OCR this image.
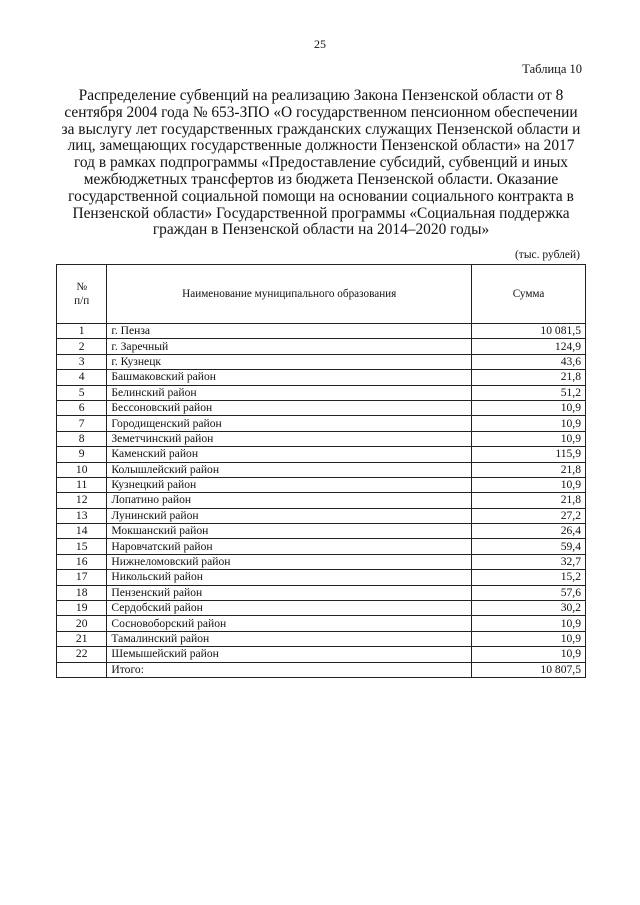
25
Таблица 10
Распределение субвенций на реализацию Закона Пензенской области от 8 сентября 2004 года № 653-ЗПО «О государственном пенсионном обеспечении за выслугу лет государственных гражданских служащих Пензенской области и лиц, замещающих государственные должности Пензенской области» на 2017 год в рамках подпрограммы «Предоставление субсидий, субвенций и иных межбюджетных трансфертов из бюджета Пензенской области. Оказание государственной социальной помощи на основании социального контракта в Пензенской области» Государственной программы «Социальная поддержка граждан в Пензенской области на 2014–2020 годы»
(тыс. рублей)
№
п/п	Наименование муниципального образования	Сумма
1	г. Пенза	10 081,5
2	г. Заречный	124,9
3	г. Кузнецк	43,6
4	Башмаковский район	21,8
5	Белинский район	51,2
6	Бессоновский район	10,9
7	Городищенский район	10,9
8	Земетчинский район	10,9
9	Каменский район	115,9
10	Колышлейский район	21,8
11	Кузнецкий район	10,9
12	Лопатино район	21,8
13	Лунинский район	27,2
14	Мокшанский район	26,4
15	Наровчатский район	59,4
16	Нижнеломовский район	32,7
17	Никольский район	15,2
18	Пензенский район	57,6
19	Сердобский район	30,2
20	Сосновоборский район	10,9
21	Тамалинский район	10,9
22	Шемышейский район	10,9
	Итого:	10 807,5
